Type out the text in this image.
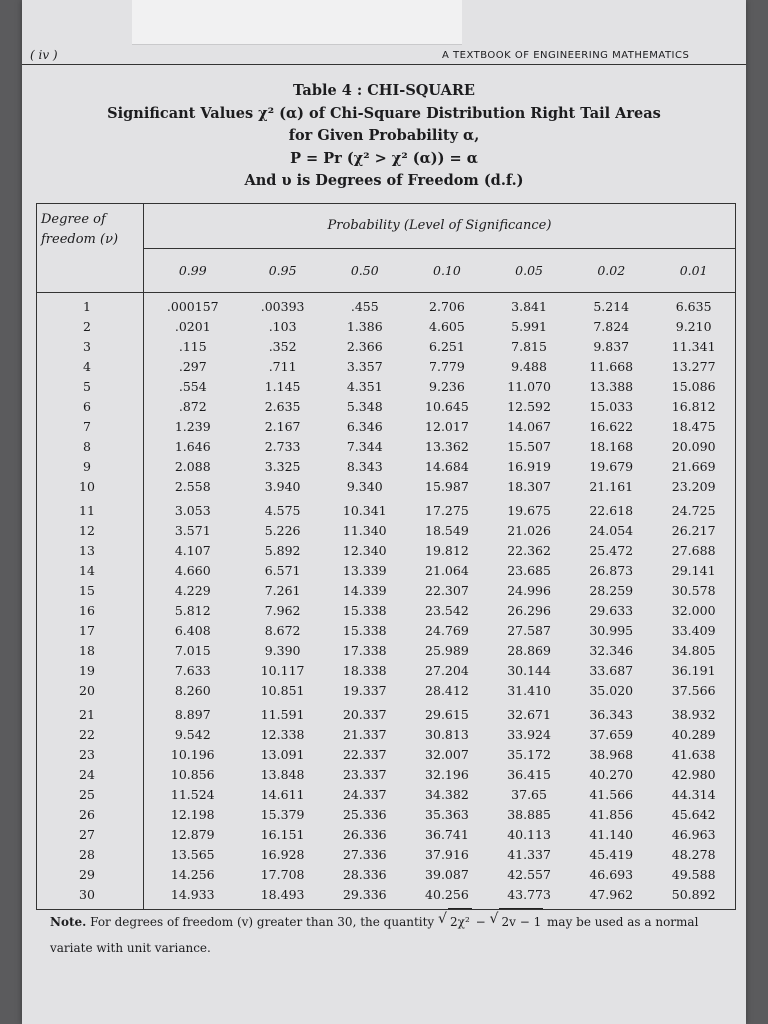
( iv )	A TEXTBOOK OF ENGINEERING MATHEMATICS
Table 4 : CHI-SQUARE
Significant Values χ² (α) of Chi-Square Distribution Right Tail Areas
for Given Probability α,
P = Pr (χ² > χ² (α)) = α
And υ is Degrees of Freedom (d.f.)
Degree of freedom (ν)	Probability (Level of Significance)						
	0.99	0.95	0.50	0.10	0.05	0.02	0.01
1	.000157	.00393	.455	2.706	3.841	5.214	6.635
2	.0201	.103	1.386	4.605	5.991	7.824	9.210
3	.115	.352	2.366	6.251	7.815	9.837	11.341
4	.297	.711	3.357	7.779	9.488	11.668	13.277
5	.554	1.145	4.351	9.236	11.070	13.388	15.086
6	.872	2.635	5.348	10.645	12.592	15.033	16.812
7	1.239	2.167	6.346	12.017	14.067	16.622	18.475
8	1.646	2.733	7.344	13.362	15.507	18.168	20.090
9	2.088	3.325	8.343	14.684	16.919	19.679	21.669
10	2.558	3.940	9.340	15.987	18.307	21.161	23.209
11	3.053	4.575	10.341	17.275	19.675	22.618	24.725
12	3.571	5.226	11.340	18.549	21.026	24.054	26.217
13	4.107	5.892	12.340	19.812	22.362	25.472	27.688
14	4.660	6.571	13.339	21.064	23.685	26.873	29.141
15	4.229	7.261	14.339	22.307	24.996	28.259	30.578
16	5.812	7.962	15.338	23.542	26.296	29.633	32.000
17	6.408	8.672	15.338	24.769	27.587	30.995	33.409
18	7.015	9.390	17.338	25.989	28.869	32.346	34.805
19	7.633	10.117	18.338	27.204	30.144	33.687	36.191
20	8.260	10.851	19.337	28.412	31.410	35.020	37.566
21	8.897	11.591	20.337	29.615	32.671	36.343	38.932
22	9.542	12.338	21.337	30.813	33.924	37.659	40.289
23	10.196	13.091	22.337	32.007	35.172	38.968	41.638
24	10.856	13.848	23.337	32.196	36.415	40.270	42.980
25	11.524	14.611	24.337	34.382	37.65	41.566	44.314
26	12.198	15.379	25.336	35.363	38.885	41.856	45.642
27	12.879	16.151	26.336	36.741	40.113	41.140	46.963
28	13.565	16.928	27.336	37.916	41.337	45.419	48.278
29	14.256	17.708	28.336	39.087	42.557	46.693	49.588
30	14.933	18.493	29.336	40.256	43.773	47.962	50.892
Note. For degrees of freedom (v) greater than 30, the quantity √ 2χ² − √ 2v − 1 may be used as a normal
variate with unit variance.
